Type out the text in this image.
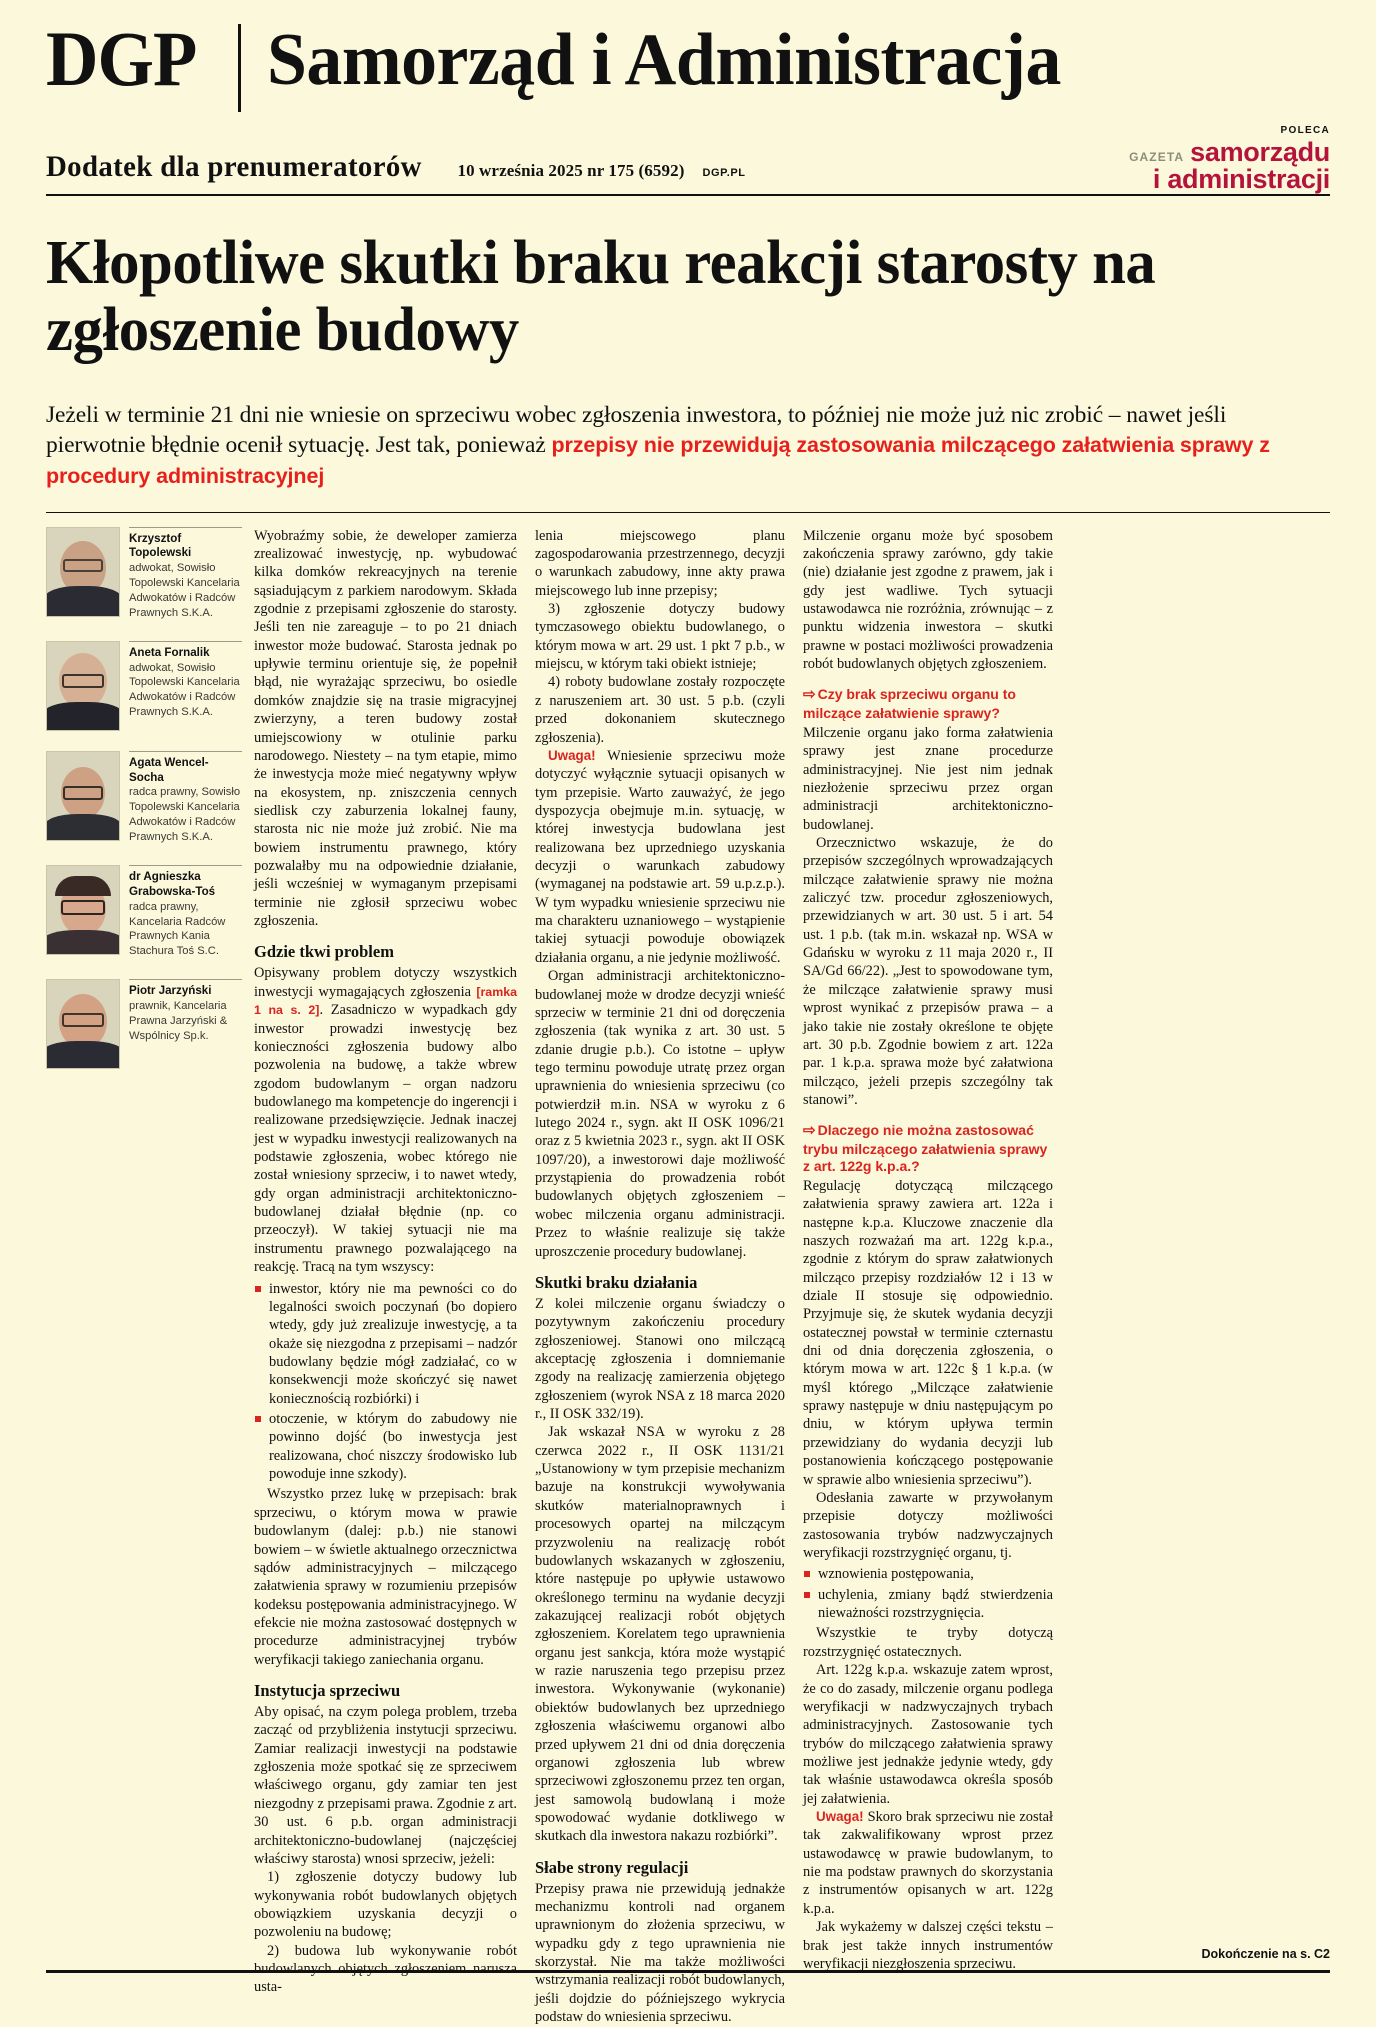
DGP Samorząd i Administracja
Dodatek dla prenumeratorów 10 września 2025 nr 175 (6592) DGP.PL
POLECA
GAZETA samorządu
i administracji
Kłopotliwe skutki braku reakcji starosty na zgłoszenie budowy
Jeżeli w terminie 21 dni nie wniesie on sprzeciwu wobec zgłoszenia inwestora, to później nie może już nic zrobić – nawet jeśli pierwotnie błędnie ocenił sytuację. Jest tak, ponieważ przepisy nie przewidują zastosowania milczącego załatwienia sprawy z procedury administracyjnej
Krzysztof Topolewski
adwokat, Sowisło Topolewski Kancelaria Adwokatów i Radców Prawnych S.K.A.
Aneta Fornalik
adwokat, Sowisło Topolewski Kancelaria Adwokatów i Radców Prawnych S.K.A.
Agata Wencel-Socha
radca prawny, Sowisło Topolewski Kancelaria Adwokatów i Radców Prawnych S.K.A.
dr Agnieszka Grabowska-Toś
radca prawny, Kancelaria Radców Prawnych Kania Stachura Toś S.C.
Piotr Jarzyński
prawnik, Kancelaria Prawna Jarzyński & Wspólnicy Sp.k.

Wyobraźmy sobie, że deweloper zamierza zrealizować inwestycję, np. wybudować kilka domków rekreacyjnych na terenie sąsiadującym z parkiem narodowym. Składa zgodnie z przepisami zgłoszenie do starosty. Jeśli ten nie zareaguje – to po 21 dniach inwestor może budować. Starosta jednak po upływie terminu orientuje się, że popełnił błąd, nie wyrażając sprzeciwu, bo osiedle domków znajdzie się na trasie migracyjnej zwierzyny, a teren budowy został umiejscowiony w otulinie parku narodowego. Niestety – na tym etapie, mimo że inwestycja może mieć negatywny wpływ na ekosystem, np. zniszczenia cennych siedlisk czy zaburzenia lokalnej fauny, starosta nic nie może już zrobić. Nie ma bowiem instrumentu prawnego, który pozwalałby mu na odpowiednie działanie, jeśli wcześniej w wymaganym przepisami terminie nie zgłosił sprzeciwu wobec zgłoszenia.

Gdzie tkwi problem

Opisywany problem dotyczy wszystkich inwestycji wymagających zgłoszenia [ramka 1 na s. 2]. Zasadniczo w wypadkach gdy inwestor prowadzi inwestycję bez konieczności zgłoszenia budowy albo pozwolenia na budowę, a także wbrew zgodom budowlanym – organ nadzoru budowlanego ma kompetencje do ingerencji i realizowane przedsięwzięcie. Jednak inaczej jest w wypadku inwestycji realizowanych na podstawie zgłoszenia, wobec którego nie został wniesiony sprzeciw, i to nawet wtedy, gdy organ administracji architektoniczno-budowlanej działał błędnie (np. co przeoczył). W takiej sytuacji nie ma instrumentu prawnego pozwalającego na reakcję. Tracą na tym wszyscy:

inwestor, który nie ma pewności co do legalności swoich poczynań (bo dopiero wtedy, gdy już zrealizuje inwestycję, a ta okaże się niezgodna z przepisami – nadzór budowlany będzie mógł zadziałać, co w konsekwencji może skończyć się nawet koniecznością rozbiórki) i
otoczenie, w którym do zabudowy nie powinno dojść (bo inwestycja jest realizowana, choć niszczy środowisko lub powoduje inne szkody).

Wszystko przez lukę w przepisach: brak sprzeciwu, o którym mowa w prawie budowlanym (dalej: p.b.) nie stanowi bowiem – w świetle aktualnego orzecznictwa sądów administracyjnych – milczącego załatwienia sprawy w rozumieniu przepisów kodeksu postępowania administracyjnego. W efekcie nie można zastosować dostępnych w procedurze administracyjnej trybów weryfikacji takiego zaniechania organu.

Instytucja sprzeciwu

Aby opisać, na czym polega problem, trzeba zacząć od przybliżenia instytucji sprzeciwu. Zamiar realizacji inwestycji na podstawie zgłoszenia może spotkać się ze sprzeciwem właściwego organu, gdy zamiar ten jest niezgodny z przepisami prawa. Zgodnie z art. 30 ust. 6 p.b. organ administracji architektoniczno-budowlanej (najczęściej właściwy starosta) wnosi sprzeciw, jeżeli:

1) zgłoszenie dotyczy budowy lub wykonywania robót budowlanych objętych obowiązkiem uzyskania decyzji o pozwoleniu na budowę;

2) budowa lub wykonywanie robót budowlanych objętych zgłoszeniem narusza usta-

lenia miejscowego planu zagospodarowania przestrzennego, decyzji o warunkach zabudowy, inne akty prawa miejscowego lub inne przepisy;

3) zgłoszenie dotyczy budowy tymczasowego obiektu budowlanego, o którym mowa w art. 29 ust. 1 pkt 7 p.b., w miejscu, w którym taki obiekt istnieje;

4) roboty budowlane zostały rozpoczęte z naruszeniem art. 30 ust. 5 p.b. (czyli przed dokonaniem skutecznego zgłoszenia).

Uwaga! Wniesienie sprzeciwu może dotyczyć wyłącznie sytuacji opisanych w tym przepisie. Warto zauważyć, że jego dyspozycja obejmuje m.in. sytuację, w której inwestycja budowlana jest realizowana bez uprzedniego uzyskania decyzji o warunkach zabudowy (wymaganej na podstawie art. 59 u.p.z.p.). W tym wypadku wniesienie sprzeciwu nie ma charakteru uznaniowego – wystąpienie takiej sytuacji powoduje obowiązek działania organu, a nie jedynie możliwość.

Organ administracji architektoniczno-budowlanej może w drodze decyzji wnieść sprzeciw w terminie 21 dni od doręczenia zgłoszenia (tak wynika z art. 30 ust. 5 zdanie drugie p.b.). Co istotne – upływ tego terminu powoduje utratę przez organ uprawnienia do wniesienia sprzeciwu (co potwierdził m.in. NSA w wyroku z 6 lutego 2024 r., sygn. akt II OSK 1096/21 oraz z 5 kwietnia 2023 r., sygn. akt II OSK 1097/20), a inwestorowi daje możliwość przystąpienia do prowadzenia robót budowlanych objętych zgłoszeniem – wobec milczenia organu administracji. Przez to właśnie realizuje się także uproszczenie procedury budowlanej.

Skutki braku działania

Z kolei milczenie organu świadczy o pozytywnym zakończeniu procedury zgłoszeniowej. Stanowi ono milczącą akceptację zgłoszenia i domniemanie zgody na realizację zamierzenia objętego zgłoszeniem (wyrok NSA z 18 marca 2020 r., II OSK 332/19).

Jak wskazał NSA w wyroku z 28 czerwca 2022 r., II OSK 1131/21 „Ustanowiony w tym przepisie mechanizm bazuje na konstrukcji wywoływania skutków materialnoprawnych i procesowych opartej na milczącym przyzwoleniu na realizację robót budowlanych wskazanych w zgłoszeniu, które następuje po upływie ustawowo określonego terminu na wydanie decyzji zakazującej realizacji robót objętych zgłoszeniem. Korelatem tego uprawnienia organu jest sankcja, która może wystąpić w razie naruszenia tego przepisu przez inwestora. Wykonywanie (wykonanie) obiektów budowlanych bez uprzedniego zgłoszenia właściwemu organowi albo przed upływem 21 dni od dnia doręczenia organowi zgłoszenia lub wbrew sprzeciwowi zgłoszonemu przez ten organ, jest samowolą budowlaną i może spowodować wydanie dotkliwego w skutkach dla inwestora nakazu rozbiórki”.

Słabe strony regulacji

Przepisy prawa nie przewidują jednakże mechanizmu kontroli nad organem uprawnionym do złożenia sprzeciwu, w wypadku gdy z tego uprawnienia nie skorzystał. Nie ma także możliwości wstrzymania realizacji robót budowlanych, jeśli dojdzie do późniejszego wykrycia podstaw do wniesienia sprzeciwu.

Milczenie organu może być sposobem zakończenia sprawy zarówno, gdy takie (nie) działanie jest zgodne z prawem, jak i gdy jest wadliwe. Tych sytuacji ustawodawca nie rozróżnia, zrównując – z punktu widzenia inwestora – skutki prawne w postaci możliwości prowadzenia robót budowlanych objętych zgłoszeniem.

⇨ Czy brak sprzeciwu organu to milczące załatwienie sprawy?

Milczenie organu jako forma załatwienia sprawy jest znane procedurze administracyjnej. Nie jest nim jednak niezłożenie sprzeciwu przez organ administracji architektoniczno-budowlanej.

Orzecznictwo wskazuje, że do przepisów szczególnych wprowadzających milczące załatwienie sprawy nie można zaliczyć tzw. procedur zgłoszeniowych, przewidzianych w art. 30 ust. 5 i art. 54 ust. 1 p.b. (tak m.in. wskazał np. WSA w Gdańsku w wyroku z 11 maja 2020 r., II SA/Gd 66/22). „Jest to spowodowane tym, że milczące załatwienie sprawy musi wprost wynikać z przepisów prawa – a jako takie nie zostały określone te objęte art. 30 p.b. Zgodnie bowiem z art. 122a par. 1 k.p.a. sprawa może być załatwiona milcząco, jeżeli przepis szczególny tak stanowi”.

⇨ Dlaczego nie można zastosować trybu milczącego załatwienia sprawy z art. 122g k.p.a.?

Regulację dotyczącą milczącego załatwienia sprawy zawiera art. 122a i następne k.p.a. Kluczowe znaczenie dla naszych rozważań ma art. 122g k.p.a., zgodnie z którym do spraw załatwionych milcząco przepisy rozdziałów 12 i 13 w dziale II stosuje się odpowiednio. Przyjmuje się, że skutek wydania decyzji ostatecznej powstał w terminie czternastu dni od dnia doręczenia zgłoszenia, o którym mowa w art. 122c § 1 k.p.a. (w myśl którego „Milczące załatwienie sprawy następuje w dniu następującym po dniu, w którym upływa termin przewidziany do wydania decyzji lub postanowienia kończącego postępowanie w sprawie albo wniesienia sprzeciwu”).

Odesłania zawarte w przywołanym przepisie dotyczy możliwości zastosowania trybów nadzwyczajnych weryfikacji rozstrzygnięć organu, tj.

wznowienia postępowania,
uchylenia, zmiany bądź stwierdzenia nieważności rozstrzygnięcia.

Wszystkie te tryby dotyczą rozstrzygnięć ostatecznych.

Art. 122g k.p.a. wskazuje zatem wprost, że co do zasady, milczenie organu podlega weryfikacji w nadzwyczajnych trybach administracyjnych. Zastosowanie tych trybów do milczącego załatwienia sprawy możliwe jest jednakże jedynie wtedy, gdy tak właśnie ustawodawca określa sposób jej załatwienia.

Uwaga! Skoro brak sprzeciwu nie został tak zakwalifikowany wprost przez ustawodawcę w prawie budowlanym, to nie ma podstaw prawnych do skorzystania z instrumentów opisanych w art. 122g k.p.a.

Jak wykażemy w dalszej części tekstu – brak jest także innych instrumentów weryfikacji niezgłoszenia sprzeciwu.

Dokończenie na s. C2
